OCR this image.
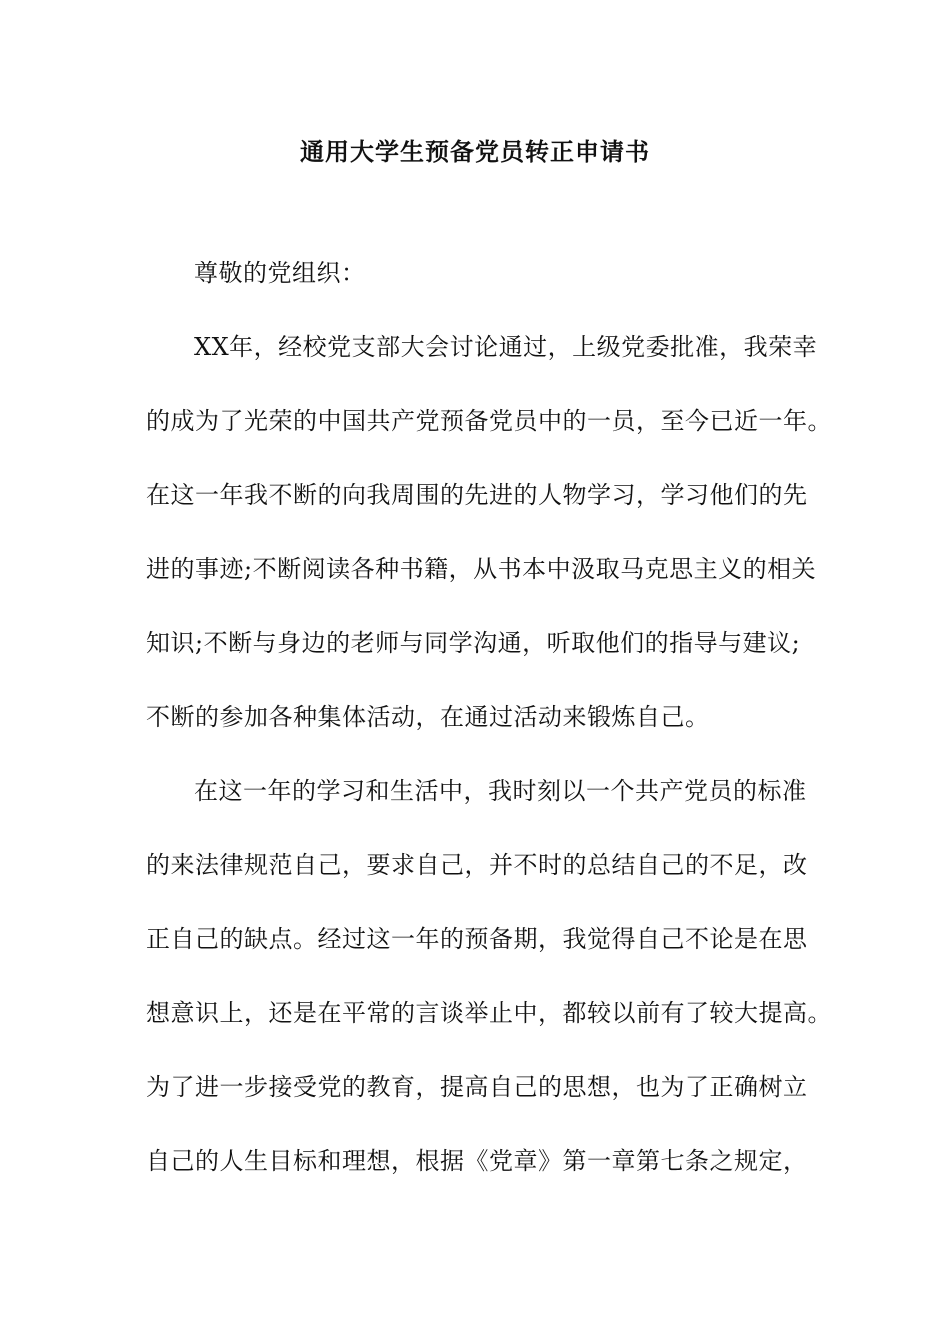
通用大学生预备党员转正申请书
尊敬的党组织：
XX年，经校党支部大会讨论通过，上级党委批准，我荣幸
的成为了光荣的中国共产党预备党员中的一员，至今已近一年。
在这一年我不断的向我周围的先进的人物学习，学习他们的先
进的事迹;不断阅读各种书籍，从书本中汲取马克思主义的相关
知识;不断与身边的老师与同学沟通，听取他们的指导与建议;
不断的参加各种集体活动，在通过活动来锻炼自己。
在这一年的学习和生活中，我时刻以一个共产党员的标准
的来法律规范自己，要求自己，并不时的总结自己的不足，改
正自己的缺点。经过这一年的预备期，我觉得自己不论是在思
想意识上，还是在平常的言谈举止中，都较以前有了较大提高。
为了进一步接受党的教育，提高自己的思想，也为了正确树立
自己的人生目标和理想，根据《党章》第一章第七条之规定，
